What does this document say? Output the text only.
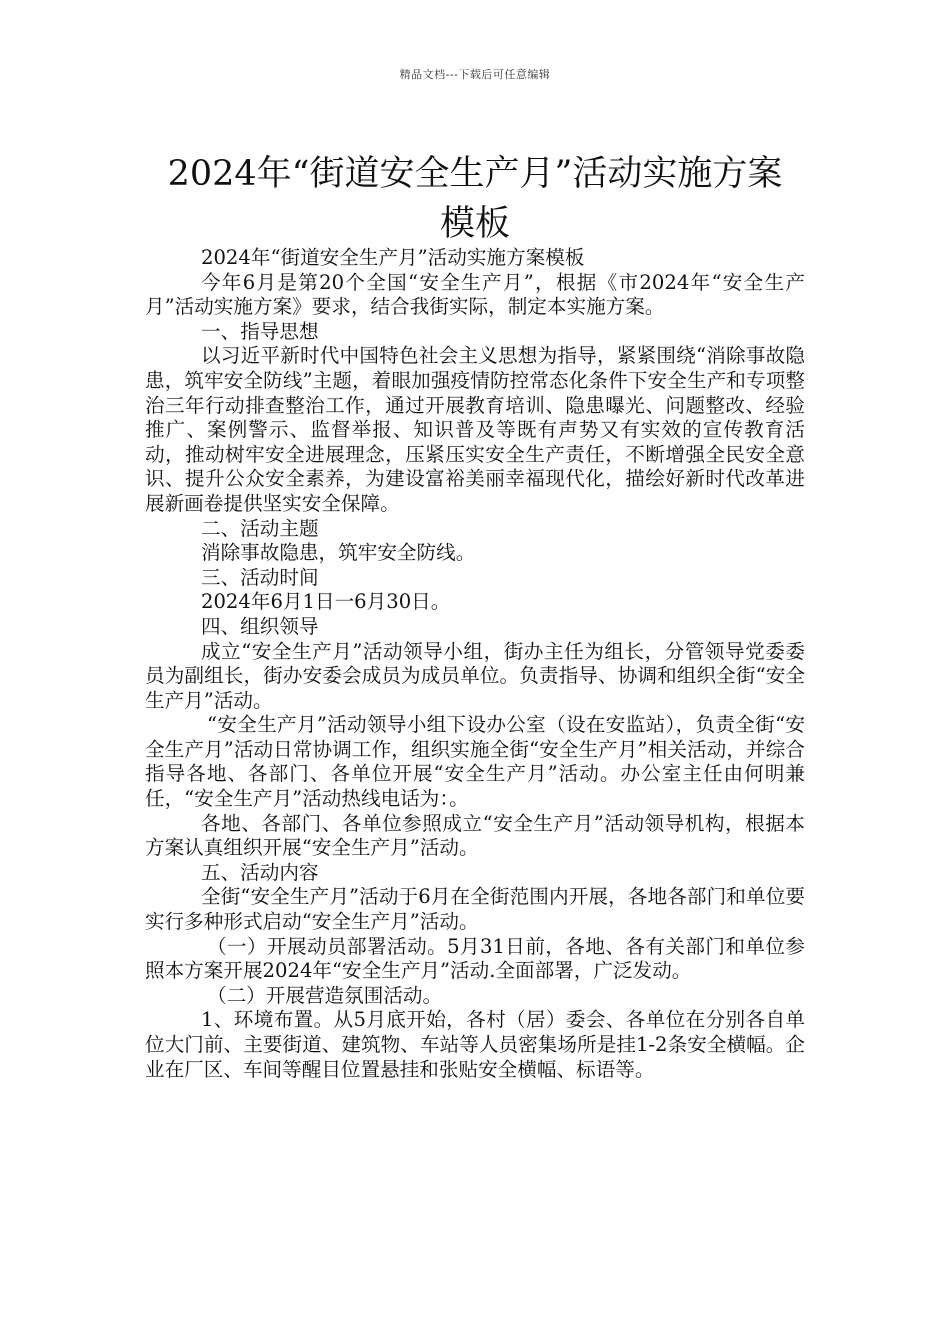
精品文档---下载后可任意编辑
2024年“街道安全生产月”活动实施方案
模板

2024年“街道安全生产月”活动实施方案模板

今年6月是第20个全国“安全生产月”，根据《市2024年“安全生产月”活动实施方案》要求，结合我街实际，制定本实施方案。

一、指导思想

以习近平新时代中国特色社会主义思想为指导，紧紧围绕“消除事故隐患，筑牢安全防线”主题，着眼加强疫情防控常态化条件下安全生产和专项整治三年行动排查整治工作，通过开展教育培训、隐患曝光、问题整改、经验推广、案例警示、监督举报、知识普及等既有声势又有实效的宣传教育活动，推动树牢安全进展理念，压紧压实安全生产责任，不断增强全民安全意识、提升公众安全素养，为建设富裕美丽幸福现代化，描绘好新时代改革进展新画卷提供坚实安全保障。

二、活动主题

消除事故隐患，筑牢安全防线。

三、活动时间

2024年6月1日一6月30日。

四、组织领导

成立“安全生产月”活动领导小组，街办主任为组长，分管领导党委委员为副组长，街办安委会成员为成员单位。负责指导、协调和组织全街“安全生产月”活动。

“安全生产月”活动领导小组下设办公室（设在安监站），负责全街“安全生产月”活动日常协调工作，组织实施全街“安全生产月”相关活动，并综合指导各地、各部门、各单位开展“安全生产月”活动。办公室主任由何明兼任，“安全生产月”活动热线电话为：。

各地、各部门、各单位参照成立“安全生产月”活动领导机构，根据本方案认真组织开展“安全生产月”活动。

五、活动内容

全街“安全生产月”活动于6月在全街范围内开展，各地各部门和单位要实行多种形式启动“安全生产月”活动。

（一）开展动员部署活动。5月31日前，各地、各有关部门和单位参照本方案开展2024年“安全生产月”活动.全面部署，广泛发动。

（二）开展营造氛围活动。

1、环境布置。从5月底开始，各村（居）委会、各单位在分别各自单位大门前、主要街道、建筑物、车站等人员密集场所是挂1-2条安全横幅。企业在厂区、车间等醒目位置悬挂和张贴安全横幅、标语等。
